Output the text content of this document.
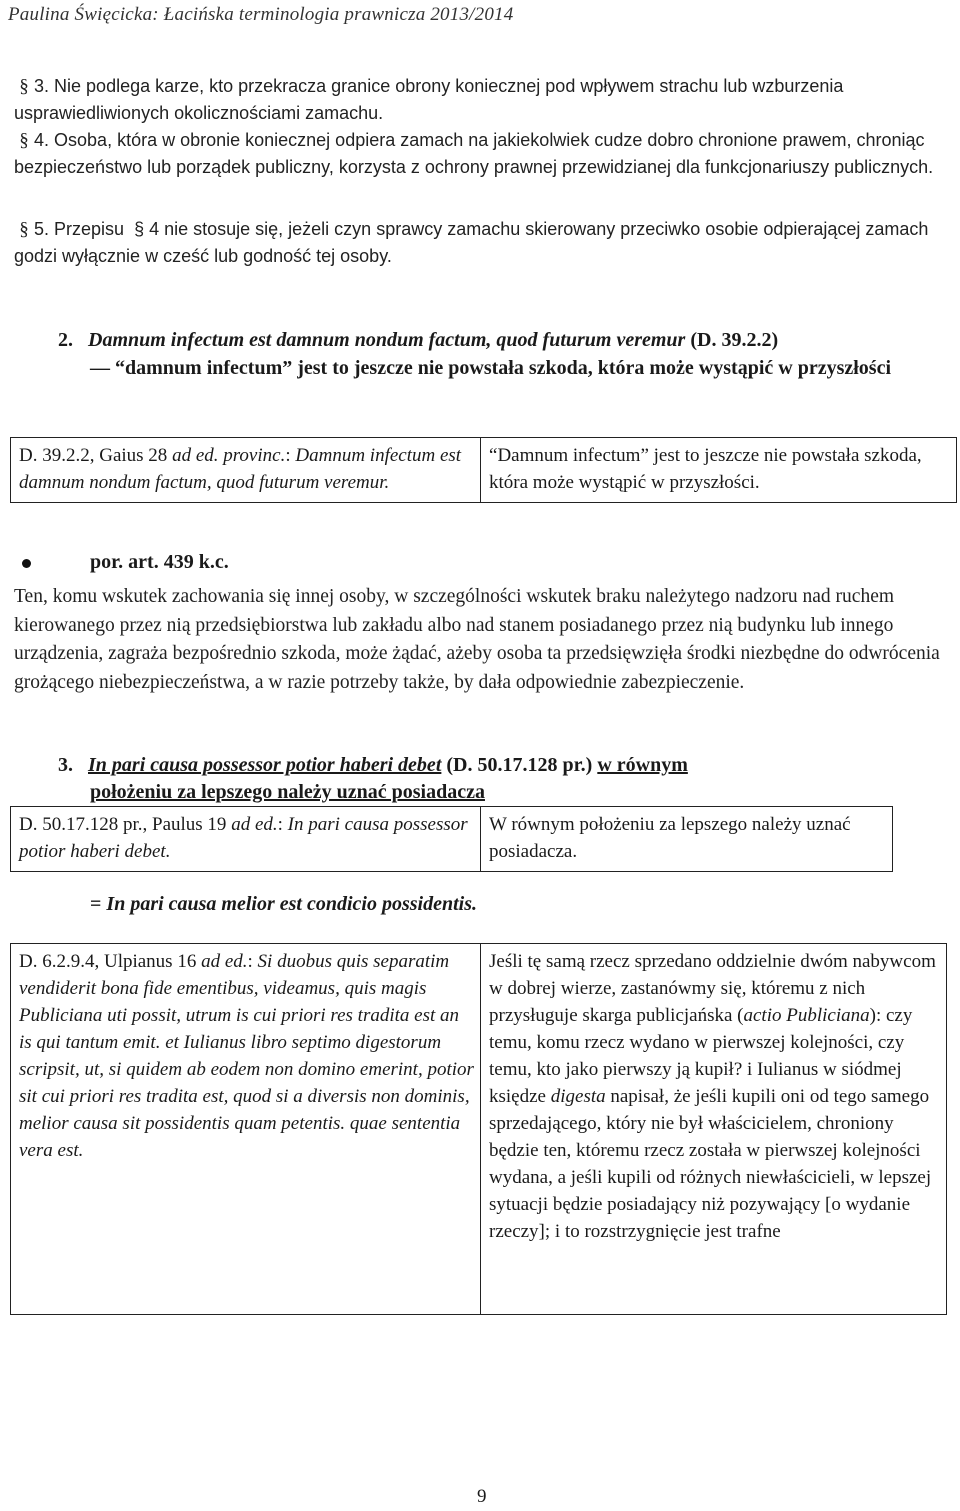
Paulina Święcicka: Łacińska terminologia prawnicza 2013/2014
§ 3. Nie podlega karze, kto przekracza granice obrony koniecznej pod wpływem strachu lub wzburzenia usprawiedliwionych okolicznościami zamachu.
§ 4. Osoba, która w obronie koniecznej odpiera zamach na jakiekolwiek cudze dobro chronione prawem, chroniąc bezpieczeństwo lub porządek publiczny, korzysta z ochrony prawnej przewidzianej dla funkcjonariuszy publicznych.
§ 5. Przepisu § 4 nie stosuje się, jeżeli czyn sprawcy zamachu skierowany przeciwko osobie odpierającej zamach godzi wyłącznie w cześć lub godność tej osoby.
2. Damnum infectum est damnum nondum factum, quod futurum veremur (D. 39.2.2)
— “damnum infectum” jest to jeszcze nie powstała szkoda, która może wystąpić w przyszłości
D. 39.2.2, Gaius 28 ad ed. provinc.: Damnum infectum est damnum nondum factum, quod futurum veremur.	“Damnum infectum” jest to jeszcze nie powstała szkoda, która może wystąpić w przyszłości.
por. art. 439 k.c.
Ten, komu wskutek zachowania się innej osoby, w szczególności wskutek braku należytego nadzoru nad ruchem kierowanego przez nią przedsiębiorstwa lub zakładu albo nad stanem posiadanego przez nią budynku lub innego urządzenia, zagraża bezpośrednio szkoda, może żądać, ażeby osoba ta przedsięwzięła środki niezbędne do odwrócenia grożącego niebezpieczeństwa, a w razie potrzeby także, by dała odpowiednie zabezpieczenie.
3. In pari causa possessor potior haberi debet (D. 50.17.128 pr.) w równym
położeniu za lepszego należy uznać posiadacza
D. 50.17.128 pr., Paulus 19 ad ed.: In pari causa possessor potior haberi debet.	W równym położeniu za lepszego należy uznać posiadacza.
= In pari causa melior est condicio possidentis.
D. 6.2.9.4, Ulpianus 16 ad ed.: Si duobus quis separatim vendiderit bona fide ementibus, videamus, quis magis Publiciana uti possit, utrum is cui priori res tradita est an is qui tantum emit. et Iulianus libro septimo digestorum scripsit, ut, si quidem ab eodem non domino emerint, potior sit cui priori res tradita est, quod si a diversis non dominis, melior causa sit possidentis quam petentis. quae sententia vera est.	Jeśli tę samą rzecz sprzedano oddzielnie dwóm nabywcom w dobrej wierze, zastanówmy się, któremu z nich przysługuje skarga publicjańska (actio Publiciana): czy temu, komu rzecz wydano w pierwszej kolejności, czy temu, kto jako pierwszy ją kupił? i Iulianus w siódmej księdze digesta napisał, że jeśli kupili oni od tego samego sprzedającego, który nie był właścicielem, chroniony będzie ten, któremu rzecz została w pierwszej kolejności wydana, a jeśli kupili od różnych niewłaścicieli, w lepszej sytuacji będzie posiadający niż pozywający [o wydanie rzeczy]; i to rozstrzygnięcie jest trafne
9
